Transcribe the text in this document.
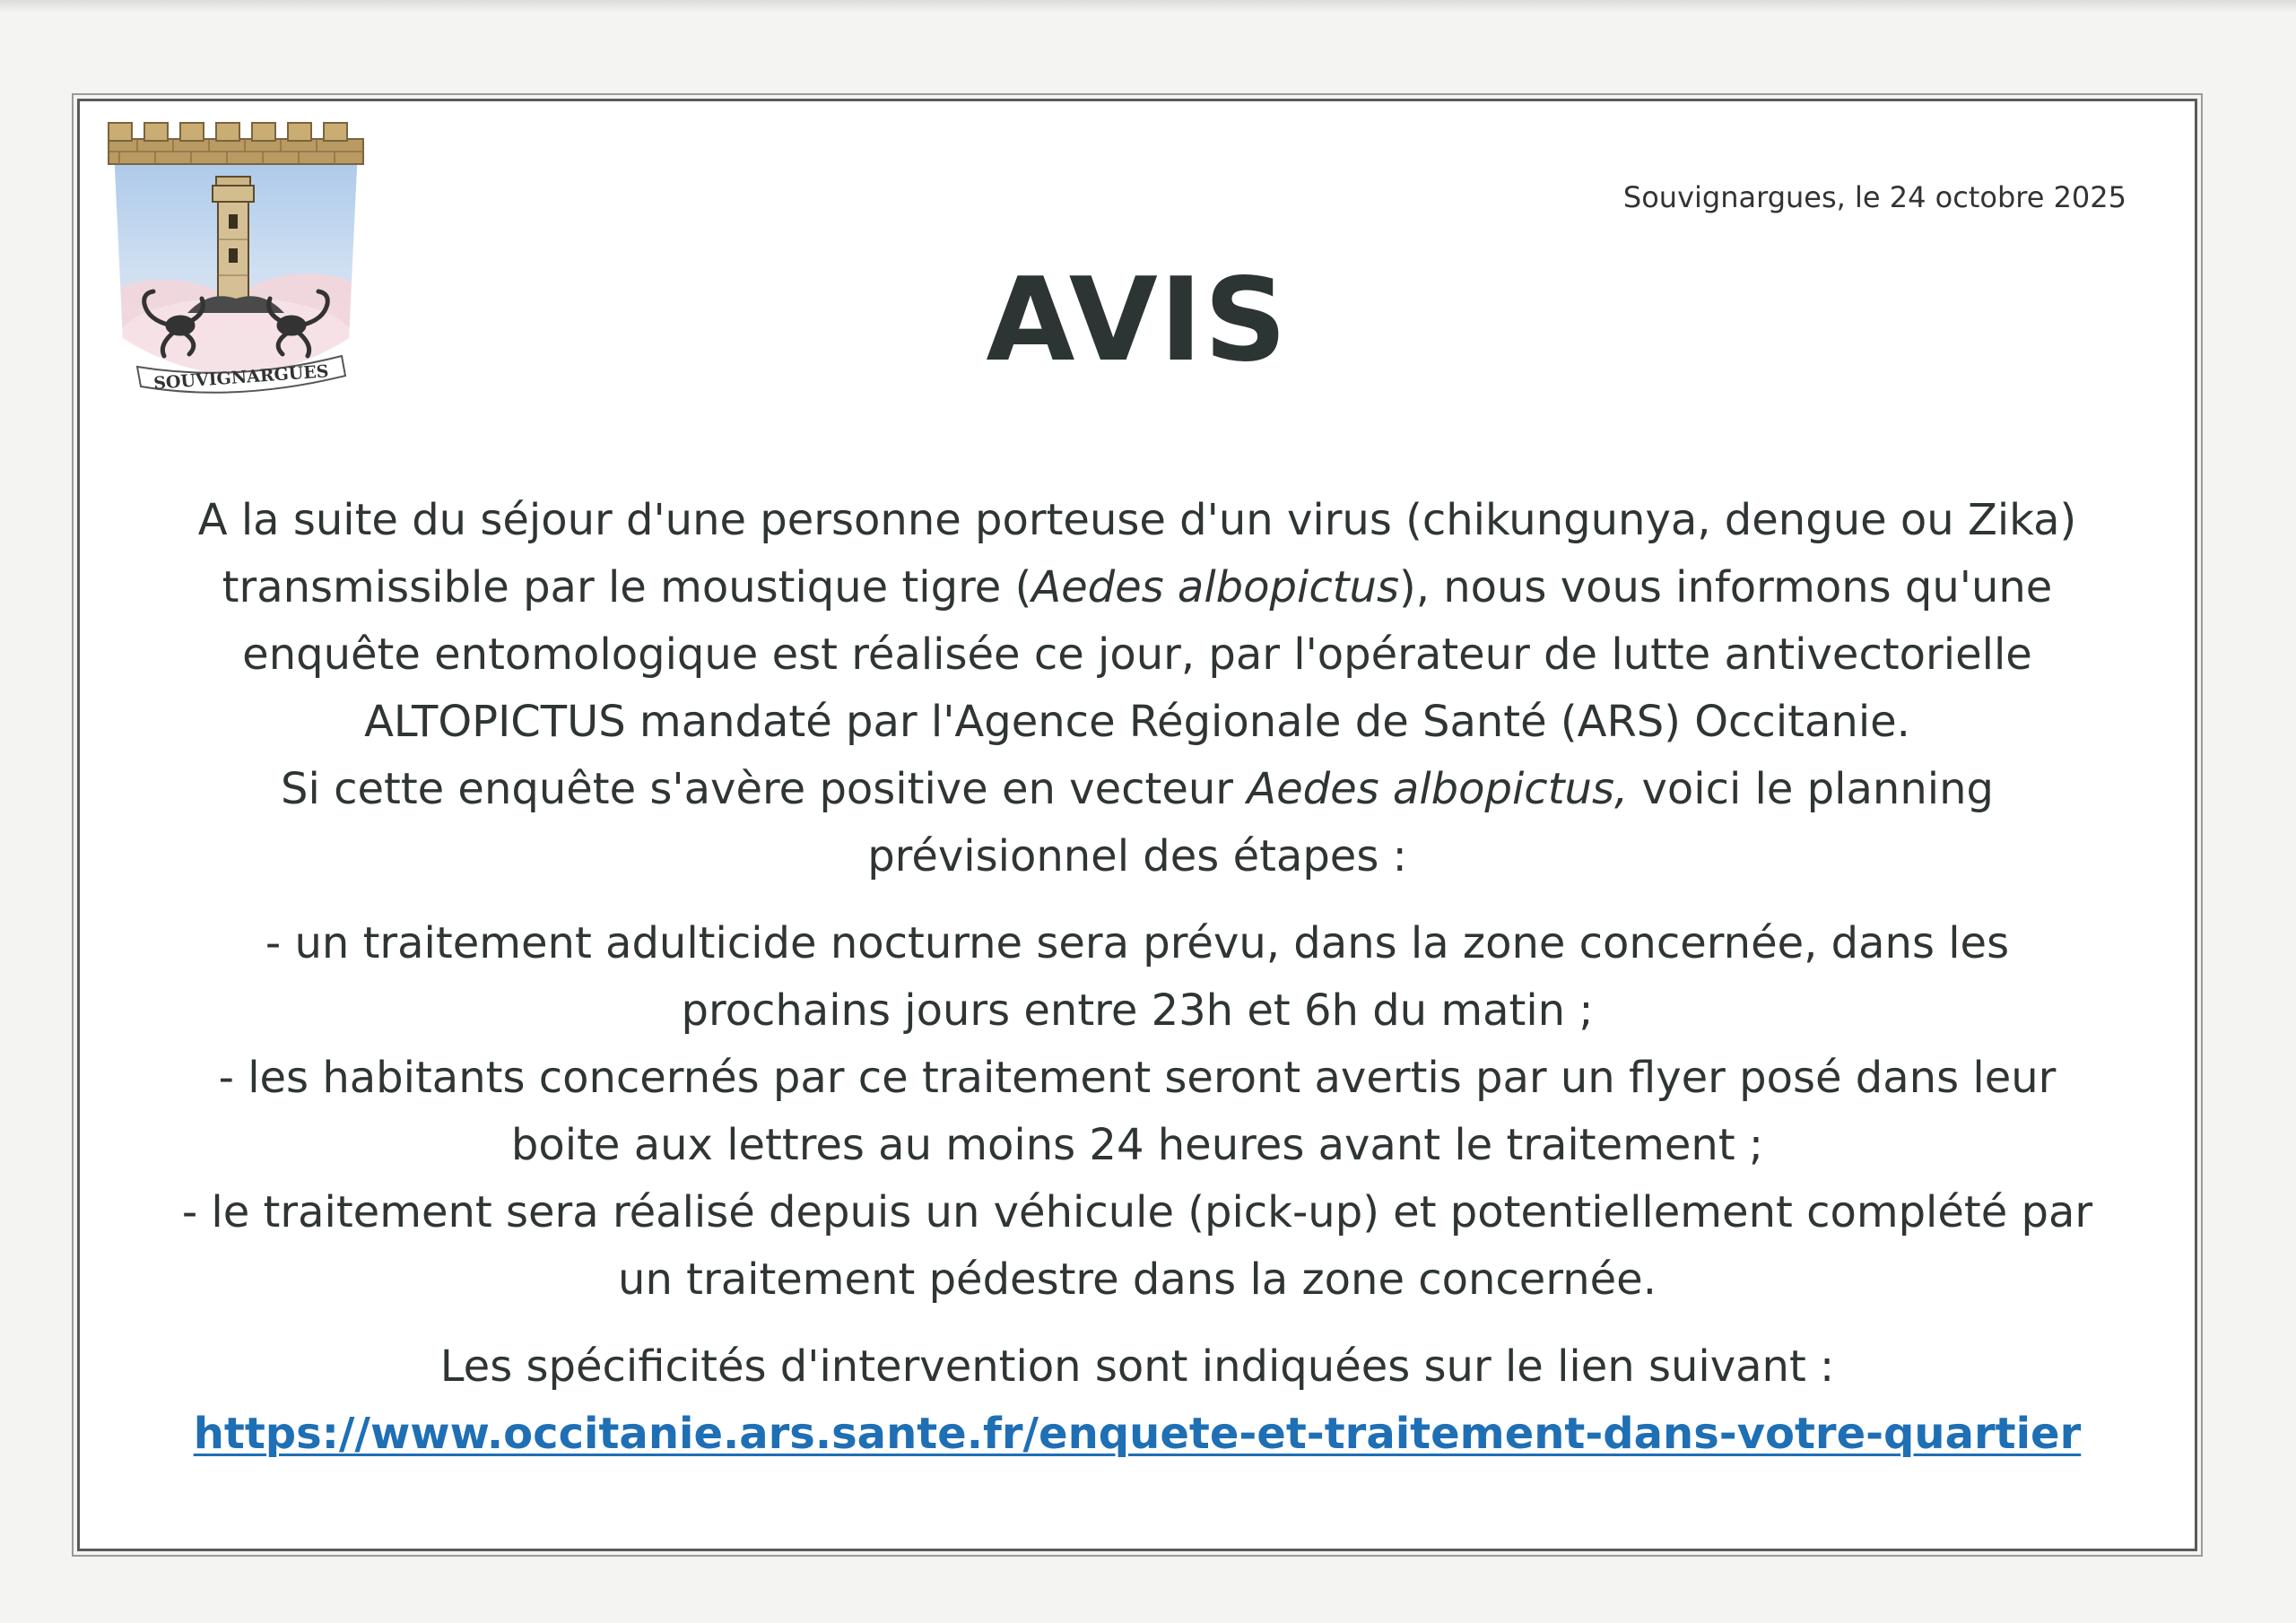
SOUVIGNARGUES
Souvignargues, le 24 octobre 2025
AVIS
A la suite du séjour d'une personne porteuse d'un virus (chikungunya, dengue ou Zika)
transmissible par le moustique tigre (Aedes albopictus), nous vous informons qu'une
enquête entomologique est réalisée ce jour, par l'opérateur de lutte antivectorielle
ALTOPICTUS mandaté par l'Agence Régionale de Santé (ARS) Occitanie.
Si cette enquête s'avère positive en vecteur Aedes albopictus, voici le planning
prévisionnel des étapes :
- un traitement adulticide nocturne sera prévu, dans la zone concernée, dans les
prochains jours entre 23h et 6h du matin ;
- les habitants concernés par ce traitement seront avertis par un flyer posé dans leur
boite aux lettres au moins 24 heures avant le traitement ;
- le traitement sera réalisé depuis un véhicule (pick-up) et potentiellement complété par
un traitement pédestre dans la zone concernée.
Les spécificités d'intervention sont indiquées sur le lien suivant :
https://www.occitanie.ars.sante.fr/enquete-et-traitement-dans-votre-quartier
